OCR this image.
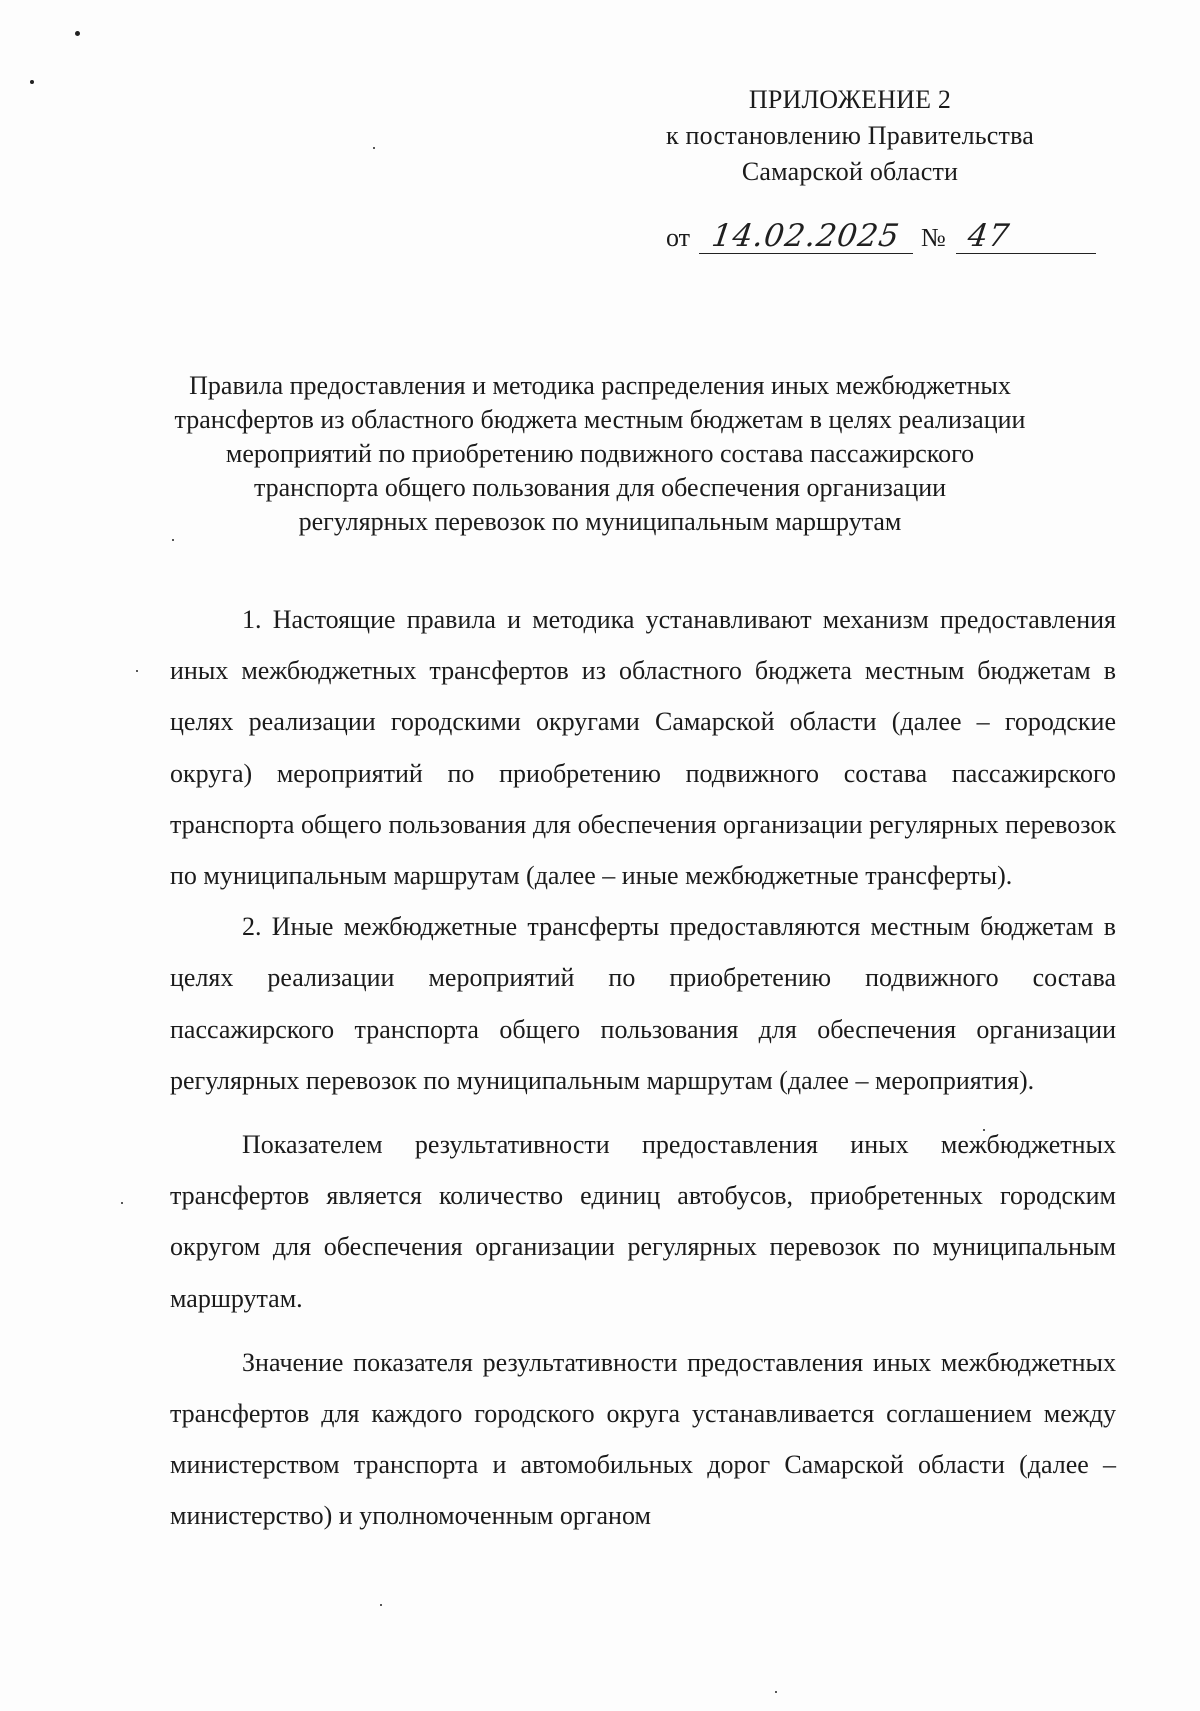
ПРИЛОЖЕНИЕ 2
к постановлению Правительства
Самарской области
от 14.02.2025 № 47
Правила предоставления и методика распределения иных межбюджетных
трансфертов из областного бюджета местным бюджетам в целях реализации
мероприятий по приобретению подвижного состава пассажирского
транспорта общего пользования для обеспечения организации
регулярных перевозок по муниципальным маршрутам

1. Настоящие правила и методика устанавливают механизм предоставления иных межбюджетных трансфертов из областного бюджета местным бюджетам в целях реализации городскими округами Самарской области (далее – городские округа) мероприятий по приобретению подвижного состава пассажирского транспорта общего пользования для обеспечения организации регулярных перевозок по муниципальным маршрутам (далее – иные межбюджетные трансферты).

2. Иные межбюджетные трансферты предоставляются местным бюджетам в целях реализации мероприятий по приобретению подвижного состава пассажирского транспорта общего пользования для обеспечения организации регулярных перевозок по муниципальным маршрутам (далее – мероприятия).

Показателем результативности предоставления иных межбюджетных трансфертов является количество единиц автобусов, приобретенных городским округом для обеспечения организации регулярных перевозок по муниципальным маршрутам.

Значение показателя результативности предоставления иных межбюджетных трансфертов для каждого городского округа устанавливается соглашением между министерством транспорта и автомобильных дорог Самарской области (далее – министерство) и уполномоченным органом
